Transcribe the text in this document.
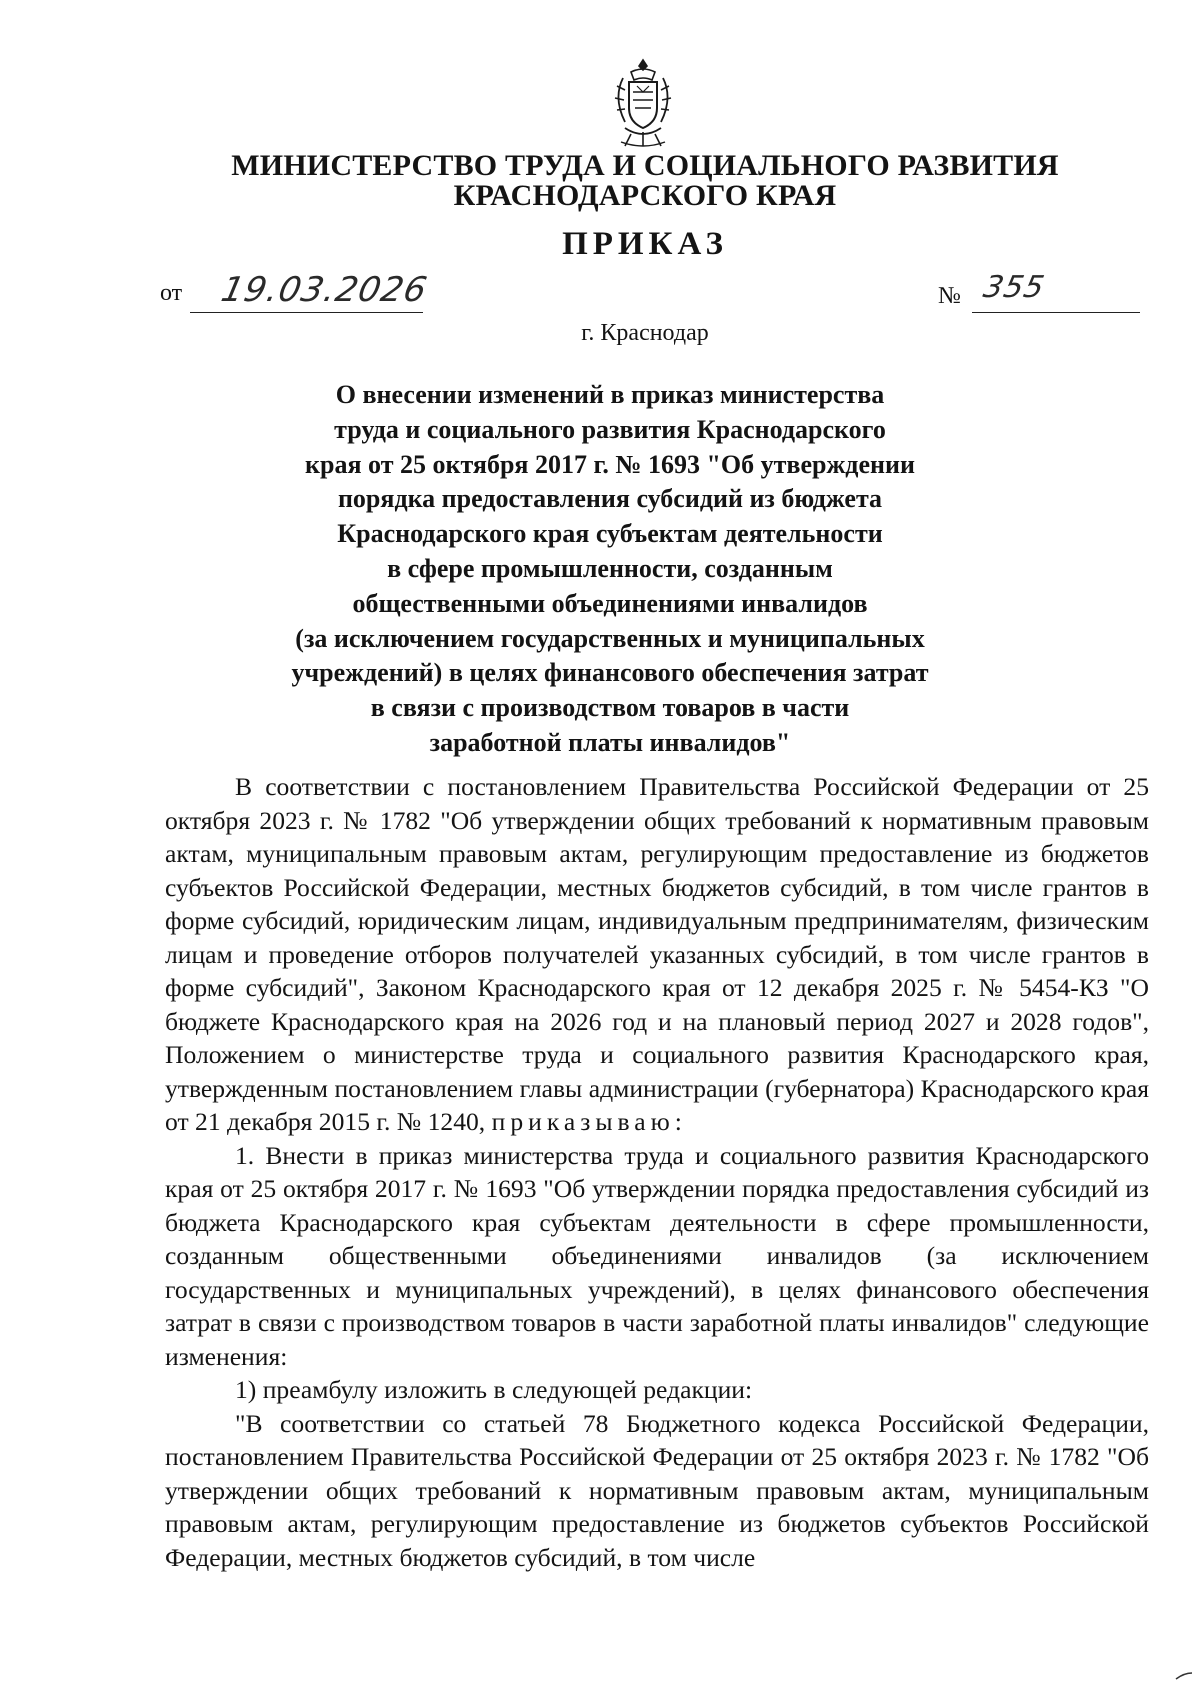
МИНИСТЕРСТВО ТРУДА И СОЦИАЛЬНОГО РАЗВИТИЯ
КРАСНОДАРСКОГО КРАЯ
ПРИКАЗ
от 19.03.2026	№ 355
г. Краснодар
О внесении изменений в приказ министерства
труда и социального развития Краснодарского
края от 25 октября 2017 г. № 1693 "Об утверждении
порядка предоставления субсидий из бюджета
Краснодарского края субъектам деятельности
в сфере промышленности, созданным
общественными объединениями инвалидов
(за исключением государственных и муниципальных
учреждений) в целях финансового обеспечения затрат
в связи с производством товаров в части
заработной платы инвалидов"

В соответствии с постановлением Правительства Российской Федерации от 25 октября 2023 г. № 1782 "Об утверждении общих требований к нормативным правовым актам, муниципальным правовым актам, регулирующим предоставление из бюджетов субъектов Российской Федерации, местных бюджетов субсидий, в том числе грантов в форме субсидий, юридическим лицам, индивидуальным предпринимателям, физическим лицам и проведение отборов получателей указанных субсидий, в том числе грантов в форме субсидий", Законом Краснодарского края от 12 декабря 2025 г. № 5454-КЗ "О бюджете Краснодарского края на 2026 год и на плановый период 2027 и 2028 годов", Положением о министерстве труда и социального развития Краснодарского края, утвержденным постановлением главы администрации (губернатора) Краснодарского края от 21 декабря 2015 г. № 1240, приказываю:

1. Внести в приказ министерства труда и социального развития Краснодарского края от 25 октября 2017 г. № 1693 "Об утверждении порядка предоставления субсидий из бюджета Краснодарского края субъектам деятельности в сфере промышленности, созданным общественными объединениями инвалидов (за исключением государственных и муниципальных учреждений), в целях финансового обеспечения затрат в связи с производством товаров в части заработной платы инвалидов" следующие изменения:

1) преамбулу изложить в следующей редакции:

"В соответствии со статьей 78 Бюджетного кодекса Российской Федерации, постановлением Правительства Российской Федерации от 25 октября 2023 г. № 1782 "Об утверждении общих требований к нормативным правовым актам, муниципальным правовым актам, регулирующим предоставление из бюджетов субъектов Российской Федерации, местных бюджетов субсидий, в том числе
